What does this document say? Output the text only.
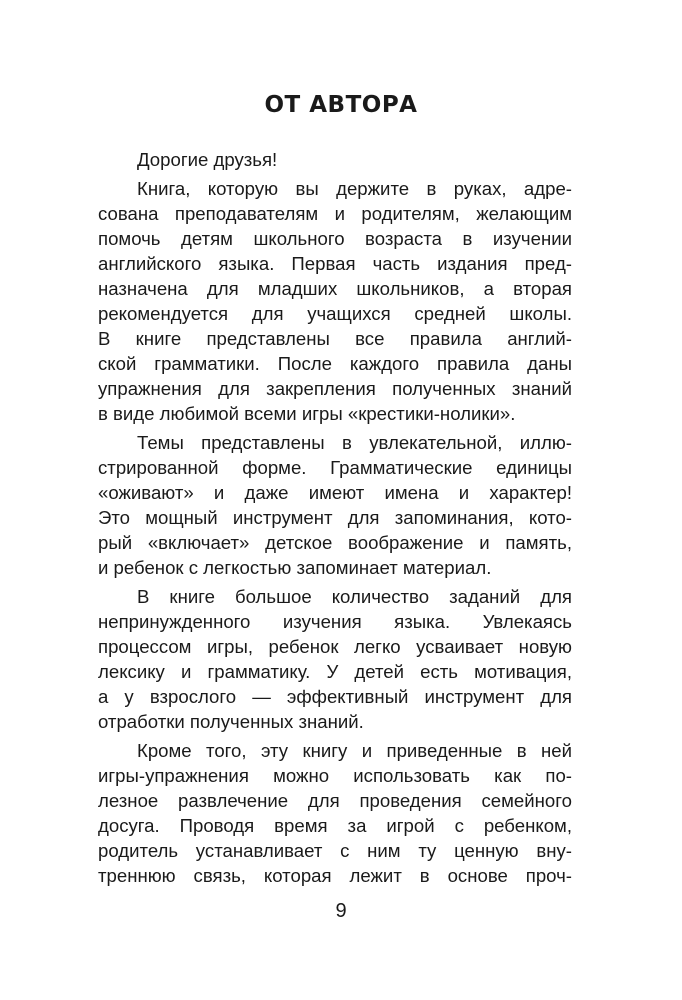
ОТ АВТОРА
Дорогие друзья!
Книга, которую вы держите в руках, адре-
сована преподавателям и родителям, желающим
помочь детям школьного возраста в изучении
английского языка. Первая часть издания пред-
назначена для младших школьников, а вторая
рекомендуется для учащихся средней школы.
В книге представлены все правила англий-
ской грамматики. После каждого правила даны
упражнения для закрепления полученных знаний
в виде любимой всеми игры «крестики-нолики».
Темы представлены в увлекательной, иллю-
стрированной форме. Грамматические единицы
«оживают» и даже имеют имена и характер!
Это мощный инструмент для запоминания, кото-
рый «включает» детское воображение и память,
и ребенок с легкостью запоминает материал.
В книге большое количество заданий для
непринужденного изучения языка. Увлекаясь
процессом игры, ребенок легко усваивает новую
лексику и грамматику. У детей есть мотивация,
а у взрослого — эффективный инструмент для
отработки полученных знаний.
Кроме того, эту книгу и приведенные в ней
игры-упражнения можно использовать как по-
лезное развлечение для проведения семейного
досуга. Проводя время за игрой с ребенком,
родитель устанавливает с ним ту ценную вну-
треннюю связь, которая лежит в основе проч-
9
